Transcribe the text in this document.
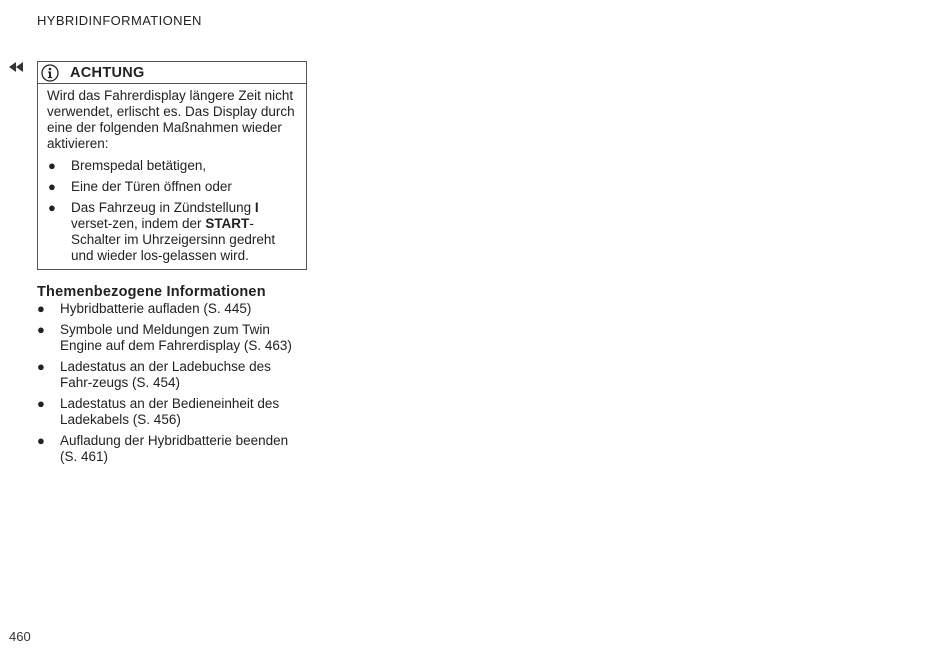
HYBRIDINFORMATIONEN
ACHTUNG

Wird das Fahrerdisplay längere Zeit nicht verwendet, erlischt es. Das Display durch eine der folgenden Maßnahmen wieder aktivieren:

● Bremspedal betätigen,
● Eine der Türen öffnen oder
● Das Fahrzeug in Zündstellung I verset-zen, indem der START-Schalter im Uhrzeigersinn gedreht und wieder los-gelassen wird.
Themenbezogene Informationen
● Hybridbatterie aufladen (S. 445)
● Symbole und Meldungen zum Twin Engine auf dem Fahrerdisplay (S. 463)
● Ladestatus an der Ladebuchse des Fahr-zeugs (S. 454)
● Ladestatus an der Bedieneinheit des Ladekabels (S. 456)
● Aufladung der Hybridbatterie beenden (S. 461)
460
